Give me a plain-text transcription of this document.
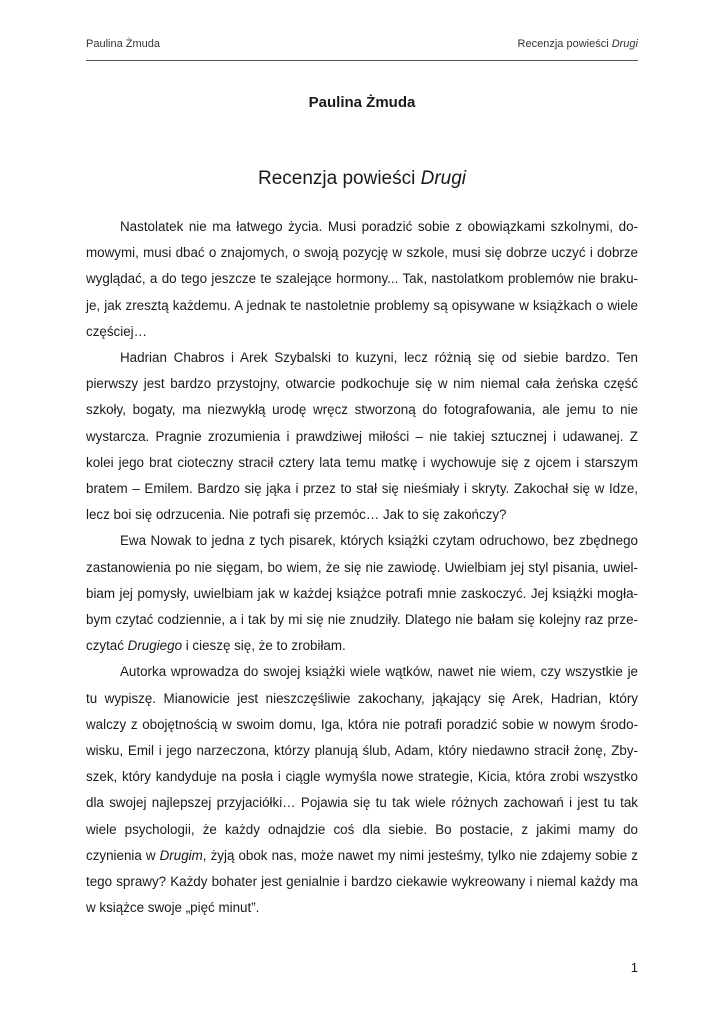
Paulina Żmuda	Recenzja powieści Drugi
Paulina Żmuda
Recenzja powieści Drugi

Nastolatek nie ma łatwego życia. Musi poradzić sobie z obowiązkami szkolnymi, domowymi, musi dbać o znajomych, o swoją pozycję w szkole, musi się dobrze uczyć i dobrze wyglądać, a do tego jeszcze te szalejące hormony... Tak, nastolatkom problemów nie brakuje, jak zresztą każdemu. A jednak te nastoletnie problemy są opisywane w książkach o wiele częściej…

Hadrian Chabros i Arek Szybalski to kuzyni, lecz różnią się od siebie bardzo. Ten pierwszy jest bardzo przystojny, otwarcie podkochuje się w nim niemal cała żeńska część szkoły, bogaty, ma niezwykłą urodę wręcz stworzoną do fotografowania, ale jemu to nie wystarcza. Pragnie zrozumienia i prawdziwej miłości – nie takiej sztucznej i udawanej. Z kolei jego brat cioteczny stracił cztery lata temu matkę i wychowuje się z ojcem i starszym bratem – Emilem. Bardzo się jąka i przez to stał się nieśmiały i skryty. Zakochał się w Idze, lecz boi się odrzucenia. Nie potrafi się przemóc… Jak to się zakończy?

Ewa Nowak to jedna z tych pisarek, których książki czytam odruchowo, bez zbędnego zastanowienia po nie sięgam, bo wiem, że się nie zawiodę. Uwielbiam jej styl pisania, uwielbiam jej pomysły, uwielbiam jak w każdej książce potrafi mnie zaskoczyć. Jej książki mogłabym czytać codziennie, a i tak by mi się nie znudziły. Dlatego nie bałam się kolejny raz przeczytać Drugiego i cieszę się, że to zrobiłam.

Autorka wprowadza do swojej książki wiele wątków, nawet nie wiem, czy wszystkie je tu wypiszę. Mianowicie jest nieszczęśliwie zakochany, jąkający się Arek, Hadrian, który walczy z obojętnością w swoim domu, Iga, która nie potrafi poradzić sobie w nowym środowisku, Emil i jego narzeczona, którzy planują ślub, Adam, który niedawno stracił żonę, Zbyszek, który kandyduje na posła i ciągle wymyśla nowe strategie, Kicia, która zrobi wszystko dla swojej najlepszej przyjaciółki… Pojawia się tu tak wiele różnych zachowań i jest tu tak wiele psychologii, że każdy odnajdzie coś dla siebie. Bo postacie, z jakimi mamy do czynienia w Drugim, żyją obok nas, może nawet my nimi jesteśmy, tylko nie zdajemy sobie z tego sprawy? Każdy bohater jest genialnie i bardzo ciekawie wykreowany i niemal każdy ma w książce swoje „pięć minut”.

1
